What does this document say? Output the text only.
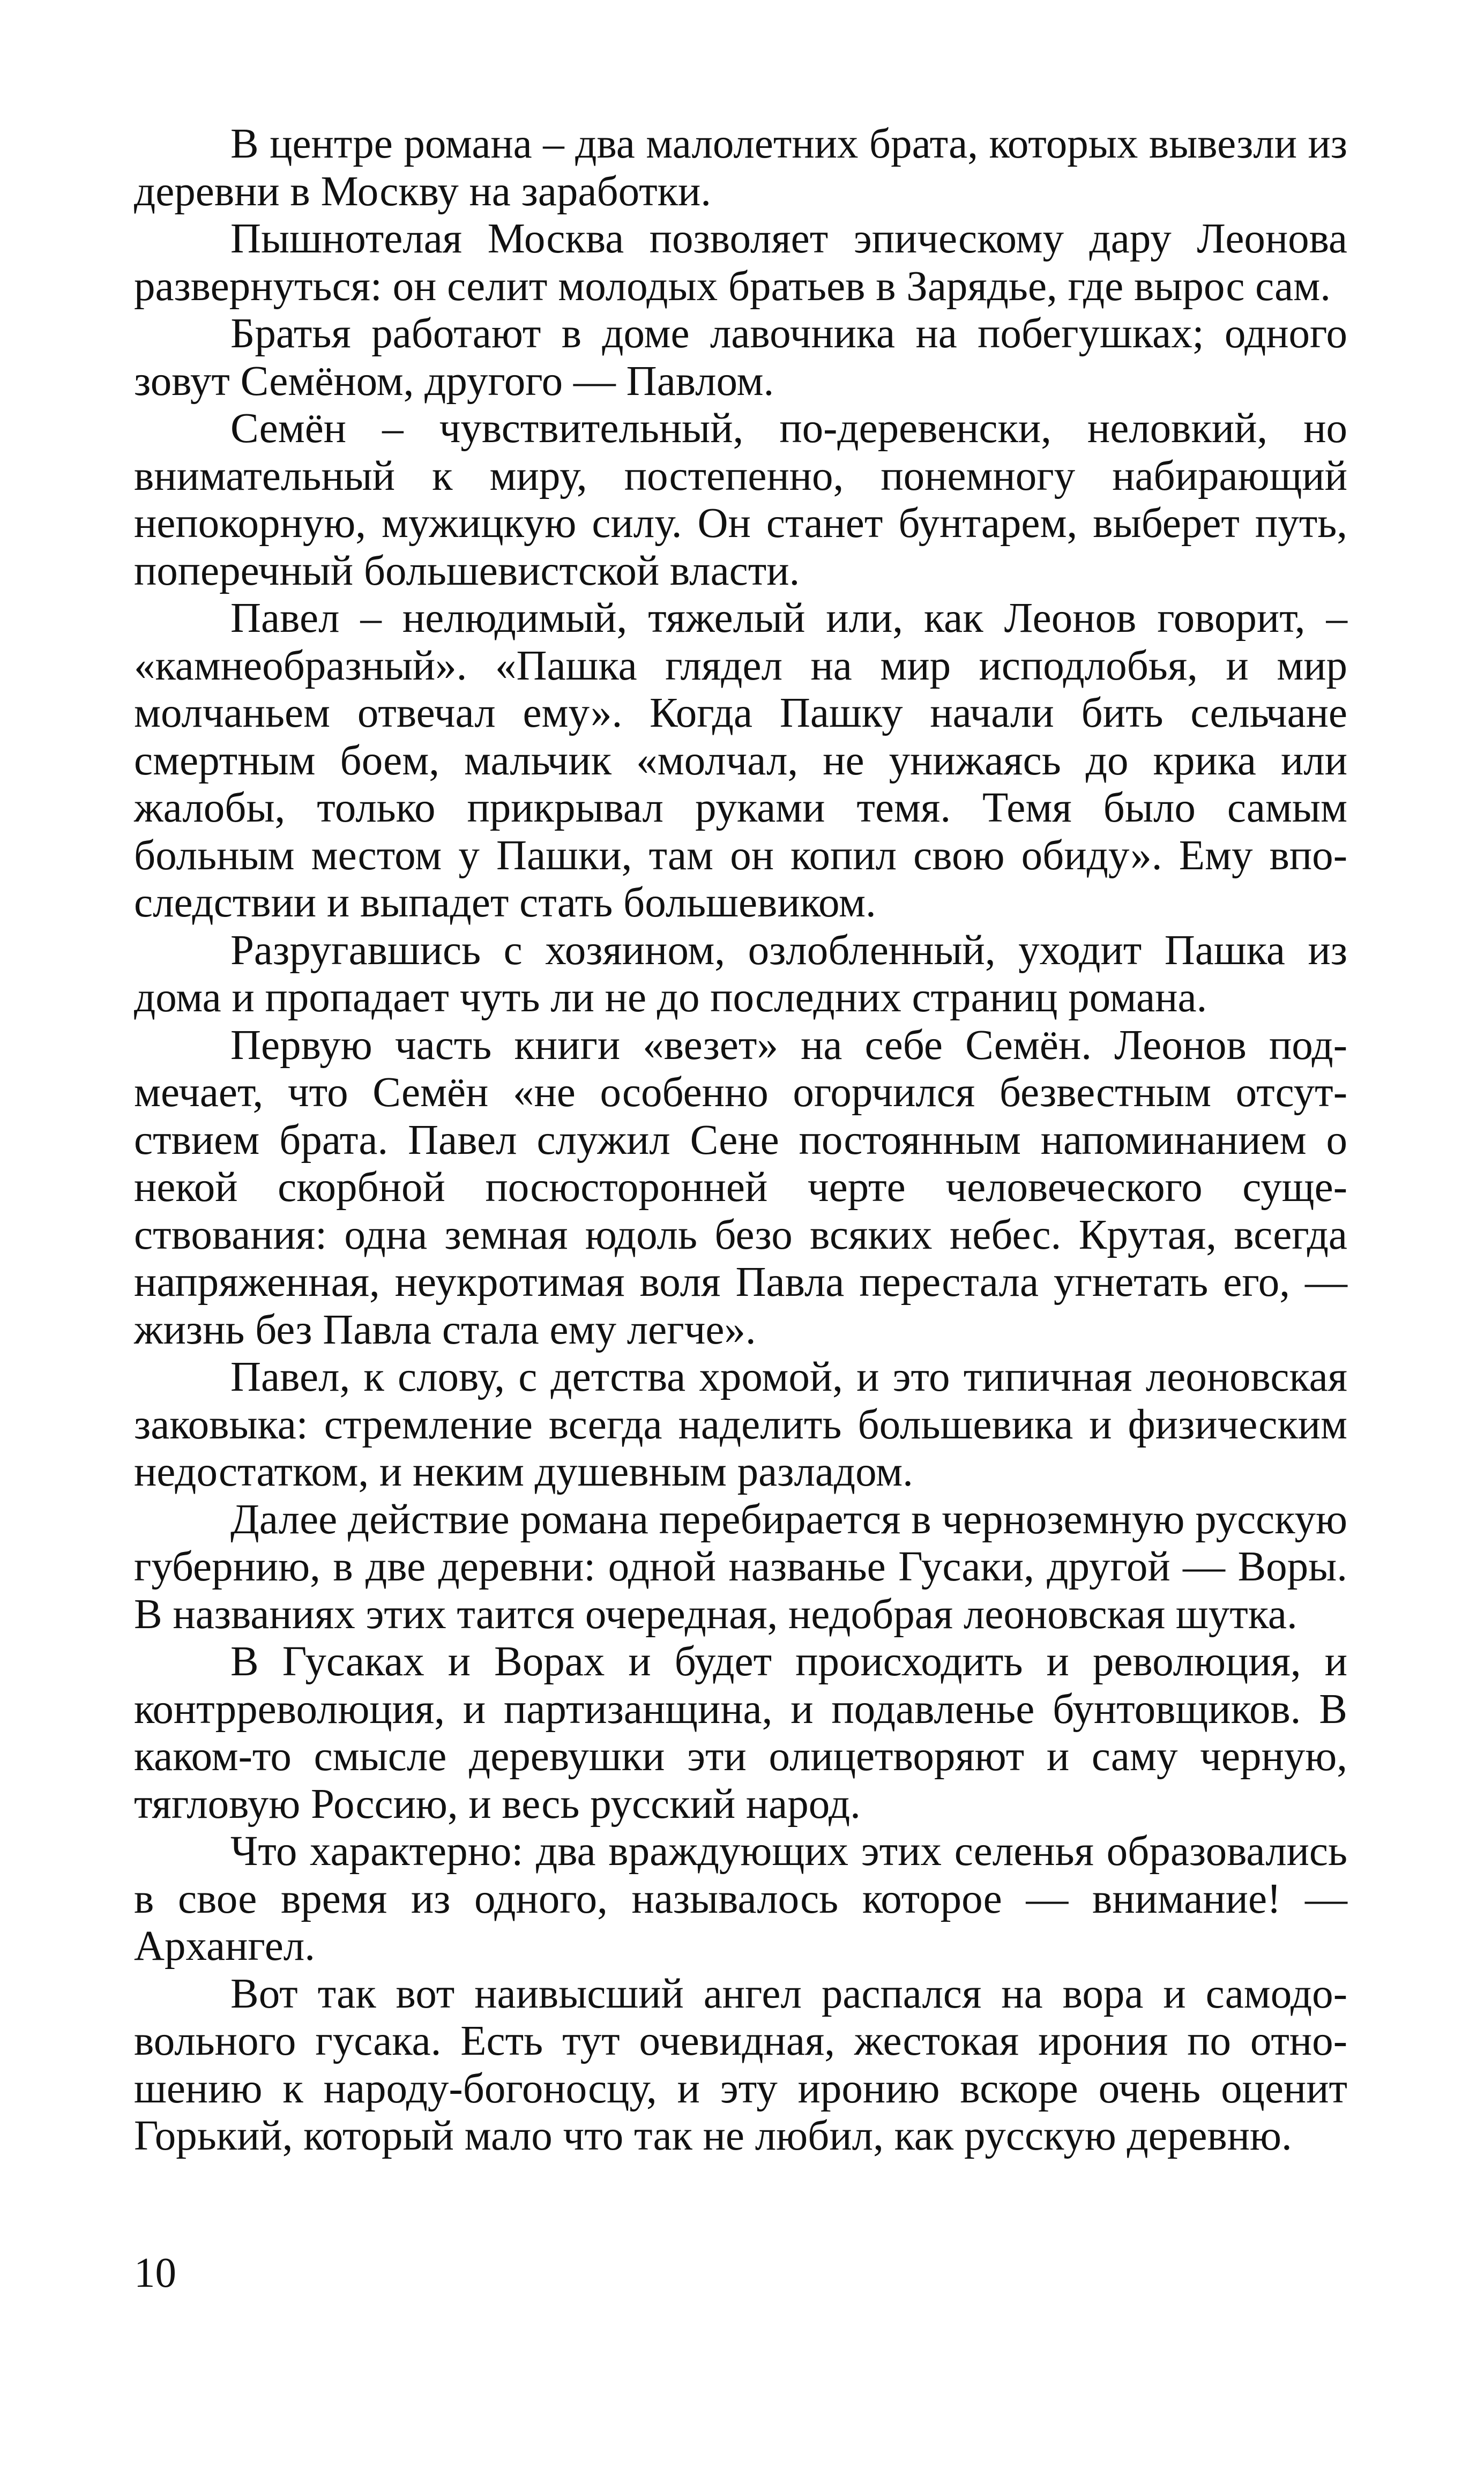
В центре романа – два малолетних брата, которых вывезли из деревни в Москву на заработки.

Пышнотелая Москва позволяет эпическому дару Леонова развернуться: он селит молодых братьев в Зарядье, где вырос сам.

Братья работают в доме лавочника на побегушках; одного зовут Семёном, другого — Павлом.

Семён – чувствительный, по-деревенски, неловкий, но внимательный к миру, постепенно, понемногу набирающий непокорную, мужицкую силу. Он станет бунтарем, выберет путь, поперечный большевистской власти.

Павел – нелюдимый, тяжелый или, как Леонов говорит, – «камнеобразный». «Пашка глядел на мир исподлобья, и мир молчаньем отвечал ему». Когда Пашку начали бить сельчане смертным боем, мальчик «молчал, не унижаясь до крика или жалобы, только прикрывал руками темя. Темя было самым больным местом у Пашки, там он копил свою обиду». Ему впоследствии и выпадет стать большевиком.

Разругавшись с хозяином, озлобленный, уходит Пашка из дома и пропадает чуть ли не до последних страниц романа.

Первую часть книги «везет» на себе Семён. Леонов подмечает, что Семён «не особенно огорчился безвестным отсутствием брата. Павел служил Сене постоянным напоминанием о некой скорбной посюсторонней черте человеческого существования: одна земная юдоль безо всяких небес. Крутая, всегда напряженная, неукротимая воля Павла перестала угнетать его, — жизнь без Павла стала ему легче».

Павел, к слову, с детства хромой, и это типичная леоновская заковыка: стремление всегда наделить большевика и физическим недостатком, и неким душевным разладом.

Далее действие романа перебирается в черноземную русскую губернию, в две деревни: одной названье Гусаки, другой — Воры. В названиях этих таится очередная, недобрая леоновская шутка.

В Гусаках и Ворах и будет происходить и революция, и контрреволюция, и партизанщина, и подавленье бунтовщиков. В каком-то смысле деревушки эти олицетворяют и саму черную, тягловую Россию, и весь русский народ.

Что характерно: два враждующих этих селенья образовались в свое время из одного, называлось которое — внимание! — Архангел.

Вот так вот наивысший ангел распался на вора и самодовольного гусака. Есть тут очевидная, жестокая ирония по отношению к народу-богоносцу, и эту иронию вскоре очень оценит Горький, который мало что так не любил, как русскую деревню.

10
